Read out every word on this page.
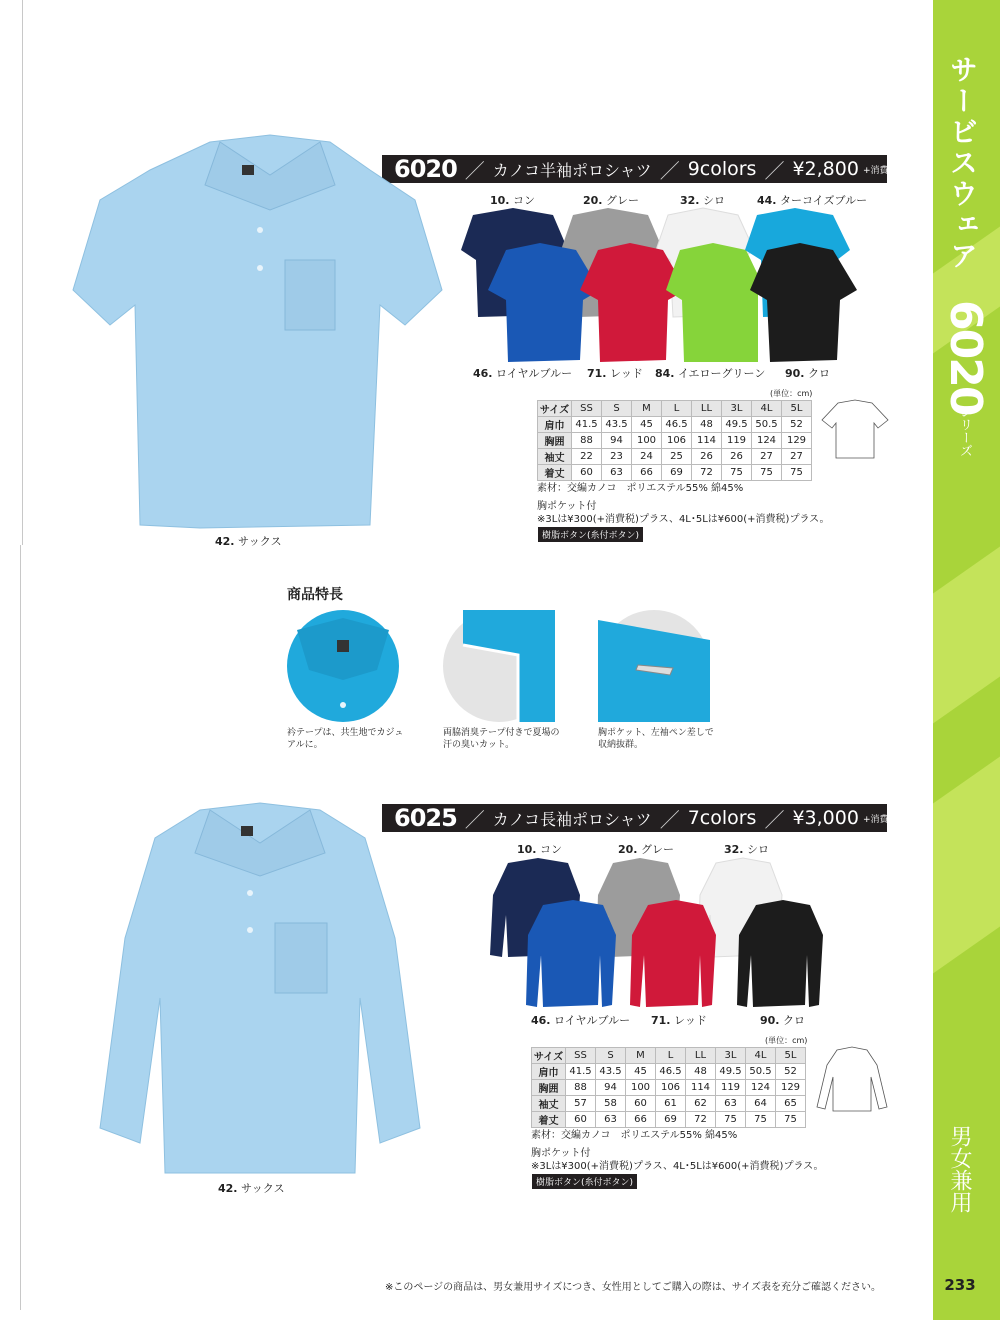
サービスウェア
6020
シリーズ
男女兼用
233
6020 ／ カノコ半袖ポロシャツ ／ 9colors ／ ¥2,800 +消費税
42. サックス
10. コン	20. グレー	32. シロ	44. ターコイズブルー
46. ロイヤルブルー 71. レッド 84. イエローグリーン 90. クロ
(単位：cm)
サイズ	SS	S	M	L	LL	3L	4L	5L
肩巾	41.5	43.5	45	46.5	48	49.5	50.5	52
胸囲	88	94	100	106	114	119	124	129
袖丈	22	23	24	25	26	26	27	27
着丈	60	63	66	69	72	75	75	75
素材：交編カノコ　ポリエステル55% 綿45%
胸ポケット付
※3Lは¥300(+消費税)プラス、4L･5Lは¥600(+消費税)プラス。
樹脂ボタン(糸付ボタン)
商品特長
衿テープは、共生地でカジュアルに。
両脇消臭テープ付きで夏場の汗の臭いカット。
胸ポケット、左袖ペン差しで収納抜群。
6025 ／ カノコ長袖ポロシャツ ／ 7colors ／ ¥3,000 +消費税
42. サックス
10. コン	20. グレー	32. シロ
46. ロイヤルブルー 71. レッド	90. クロ
(単位：cm)
サイズ	SS	S	M	L	LL	3L	4L	5L
肩巾	41.5	43.5	45	46.5	48	49.5	50.5	52
胸囲	88	94	100	106	114	119	124	129
袖丈	57	58	60	61	62	63	64	65
着丈	60	63	66	69	72	75	75	75
素材：交編カノコ　ポリエステル55% 綿45%
胸ポケット付
※3Lは¥300(+消費税)プラス、4L･5Lは¥600(+消費税)プラス。
樹脂ボタン(糸付ボタン)
※このページの商品は、男女兼用サイズにつき、女性用としてご購入の際は、サイズ表を充分ご確認ください。
